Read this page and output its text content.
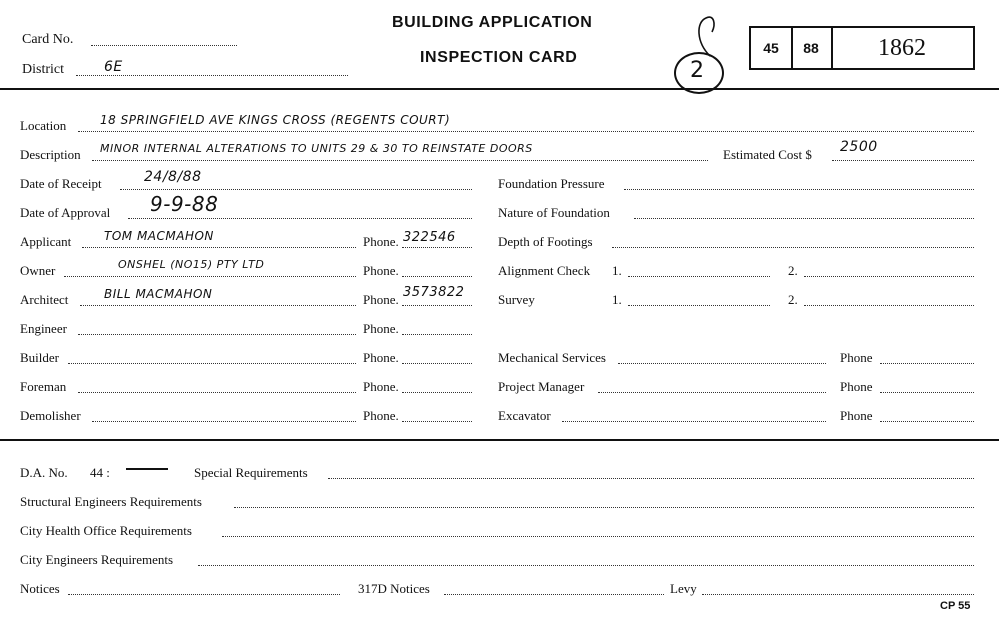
Card No.
District	6E
BUILDING APPLICATION
INSPECTION CARD
2
45	88	1862
Location	18 SPRINGFIELD AVE KINGS CROSS (REGENTS COURT)
Description MINOR INTERNAL ALTERATIONS TO UNITS 29 & 30 TO REINSTATE DOORS	Estimated Cost $ 2500
Date of Receipt	24/8/88
Date of Approval 9-9-88
Applicant	TOM MACMAHON	Phone. 322546
Owner	ONSHEL (NO15) PTY LTD	Phone.
Architect	BILL MACMAHON	Phone. 3573822
Engineer	Phone.
Builder	Phone.
Foreman	Phone.
Demolisher	Phone.
Foundation Pressure
Nature of Foundation
Depth of Footings
Alignment Check 1.	2.
Survey	1.	2.
Mechanical Services	Phone
Project Manager	Phone
Excavator	Phone
D.A. No. 44 :	Special Requirements
Structural Engineers Requirements
City Health Office Requirements
City Engineers Requirements
Notices	317D Notices	Levy
CP 55
